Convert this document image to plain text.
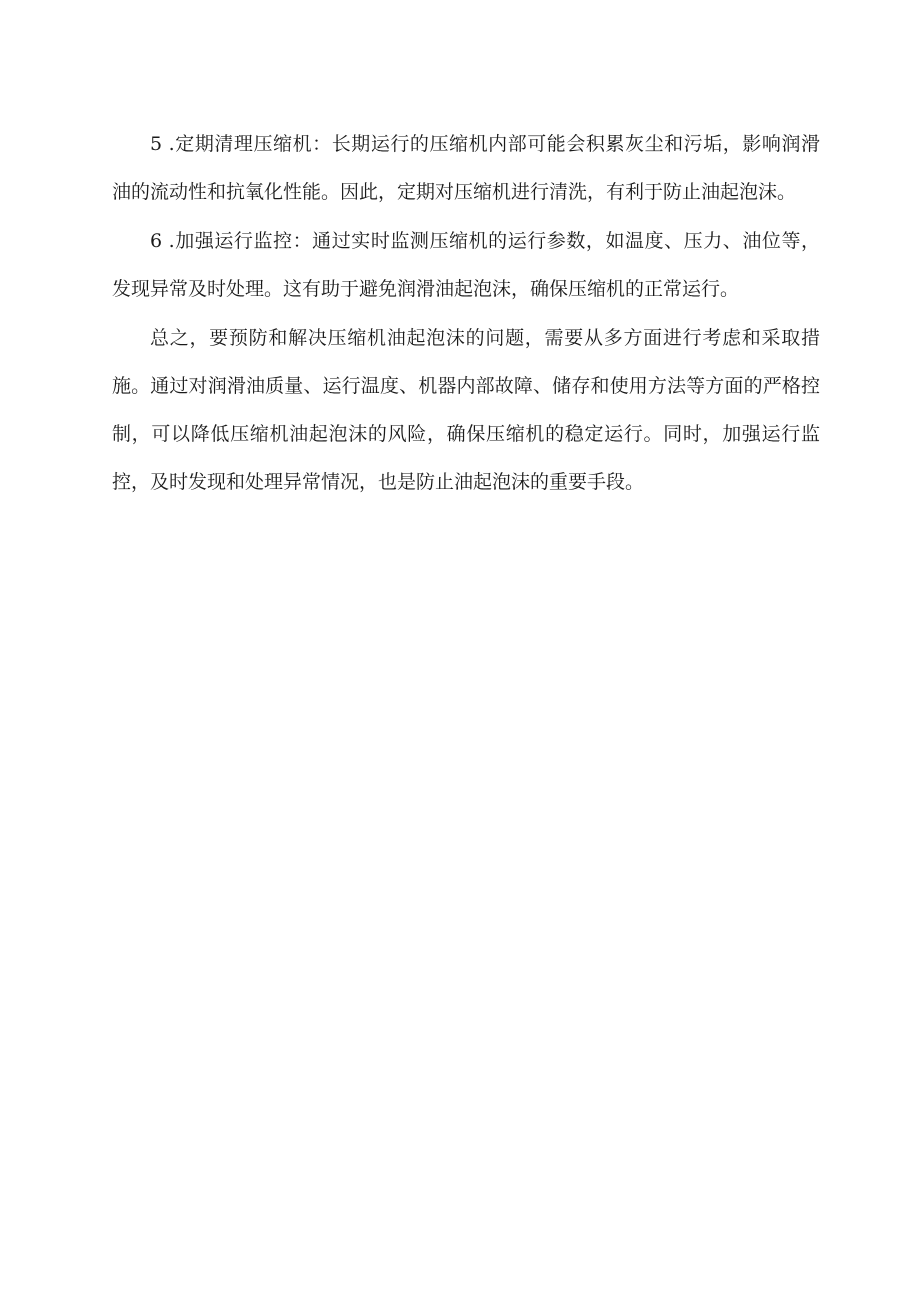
5 .定期清理压缩机：长期运行的压缩机内部可能会积累灰尘和污垢，影响润滑油的流动性和抗氧化性能。因此，定期对压缩机进行清洗，有利于防止油起泡沫。

6 .加强运行监控：通过实时监测压缩机的运行参数，如温度、压力、油位等，发现异常及时处理。这有助于避免润滑油起泡沫，确保压缩机的正常运行。

总之，要预防和解决压缩机油起泡沫的问题，需要从多方面进行考虑和采取措施。通过对润滑油质量、运行温度、机器内部故障、储存和使用方法等方面的严格控制，可以降低压缩机油起泡沫的风险，确保压缩机的稳定运行。同时，加强运行监控，及时发现和处理异常情况，也是防止油起泡沫的重要手段。
